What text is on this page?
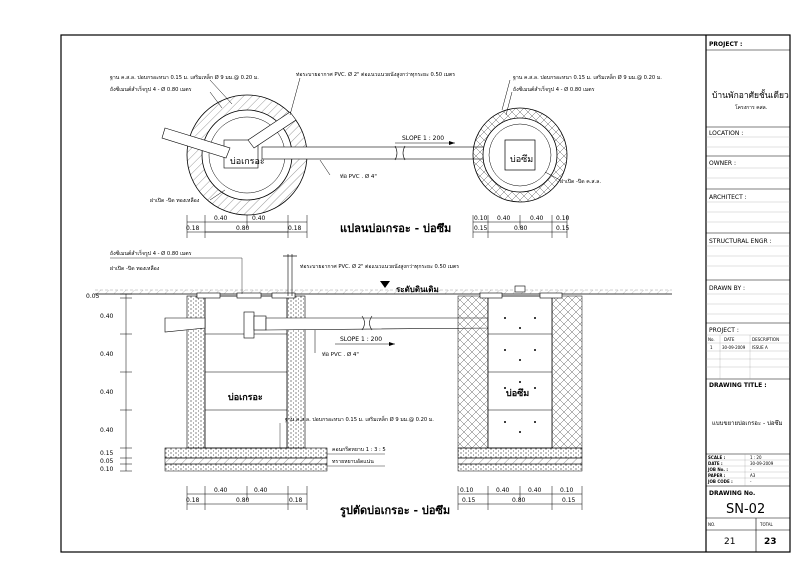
บ่อเกรอะ	บ่อซึม
ฐาน ค.ส.ล. ปอบกรอะหนา 0.15 ม. เสริมเหล็ก Ø 9 มม.@ 0.20 ม.
ถังซีเมนต์สำเร็จรูป 4 - Ø 0.80 เมตร
ท่อระบายอากาศ PVC. Ø 2" ต่อแนวแนวผนังสูงกว่าทุกระยะ 0.50 เมตร	ฐาน ค.ส.ล. ปอบกรอะหนา 0.15 ม. เสริมเหล็ก Ø 9 มม.@ 0.20 ม.
ถังซีเมนต์สำเร็จรูป 4 - Ø 0.80 เมตร
SLOPE 1 : 200
ท่อ PVC . Ø 4"
ฝาเปิด -ปิด ทองเหลือง
ฝาเปิด -ปิด ค.ส.ล.
0.40	0.40
0.18	0.80	0.18
0.10 0.40	0.40 0.10
0.15	0.80	0.15
แปลนบ่อเกรอะ - บ่อซึม
ระดับดินเดิม
บ่อเกรอะ	บ่อซึม
ถังซีเมนต์สำเร็จรูป 4 - Ø 0.80 เมตร
ฝาเปิด -ปิด ทองเหลือง	ท่อระบายอากาศ PVC. Ø 2" ต่อแนวแนวผนังสูงกว่าทุกระยะ 0.50 เมตร
SLOPE 1 : 200
ท่อ PVC . Ø 4"
ฐาน ค.ส.ล. ปอบกรอะหนา 0.15 ม. เสริมเหล็ก Ø 9 มม.@ 0.20 ม.
คอนกรีตหยาบ 1 : 3 : 5
ทรายหยาบอัดแน่น
0.05
0.40
0.40
0.40
0.40
0.15
0.05
0.10
0.40	0.40
0.18	0.80	0.18
0.10	0.40	0.40	0.10
0.15	0.80	0.15
รูปตัดบ่อเกรอะ - บ่อซึม
PROJECT :
บ้านพักอาศัยชั้นเดียว
โครงการ คสล.
LOCATION :
OWNER :
ARCHITECT :
STRUCTURAL ENGR :
DRAWN BY :
PROJECT :
No. DATE	DESCRIPTION
1 30-09-2009 ISSUE A
DRAWING TITLE :
แบบขยายบ่อเกรอะ - บ่อซึม
SCALE :	1 : 20
DATE :	30-09-2009
JOB No. :	-
PAPER :	A3
JOB CODE :	-
DRAWING No.
SN-02
NO.	TOTAL
21	23
